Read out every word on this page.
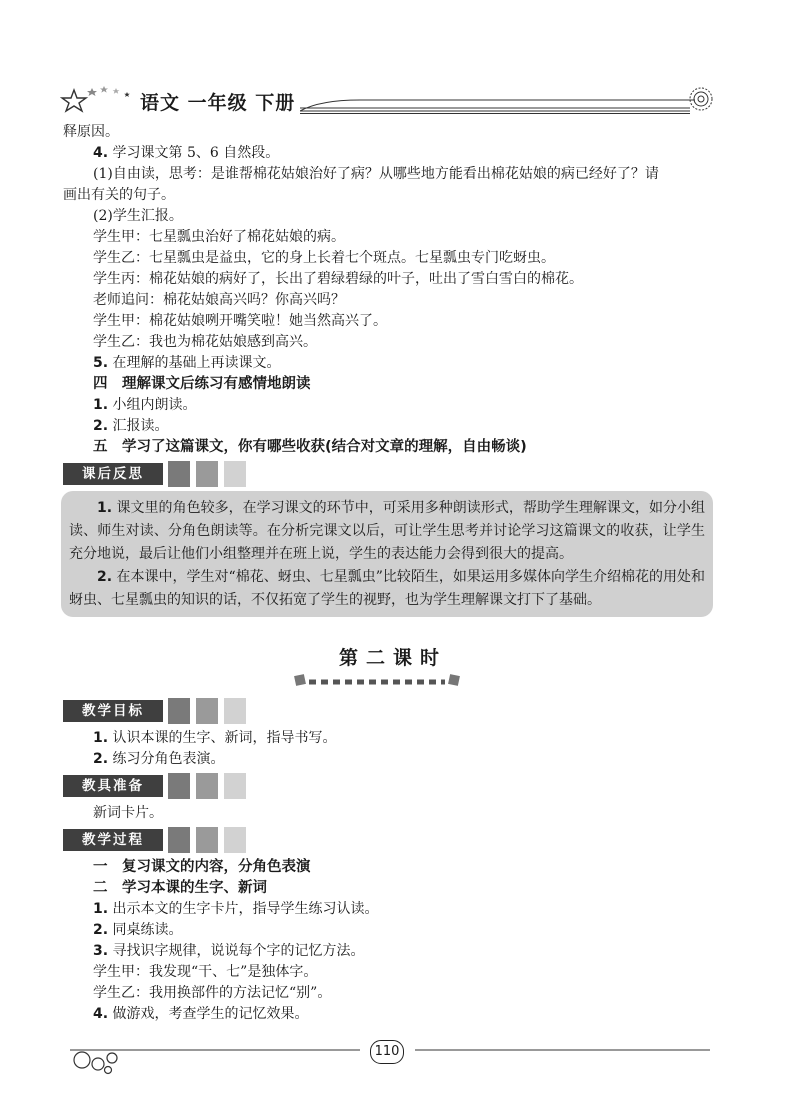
语文 一年级 下册
释原因。
4. 学习课文第 5、6 自然段。
(1)自由读，思考：是谁帮棉花姑娘治好了病？从哪些地方能看出棉花姑娘的病已经好了？请
画出有关的句子。
(2)学生汇报。
学生甲：七星瓢虫治好了棉花姑娘的病。
学生乙：七星瓢虫是益虫，它的身上长着七个斑点。七星瓢虫专门吃蚜虫。
学生丙：棉花姑娘的病好了，长出了碧绿碧绿的叶子，吐出了雪白雪白的棉花。
老师追问：棉花姑娘高兴吗？你高兴吗？
学生甲：棉花姑娘咧开嘴笑啦！她当然高兴了。
学生乙：我也为棉花姑娘感到高兴。
5. 在理解的基础上再读课文。
四　理解课文后练习有感情地朗读
1. 小组内朗读。
2. 汇报读。
五　学习了这篇课文，你有哪些收获(结合对文章的理解，自由畅谈)
课后反思
1. 课文里的角色较多，在学习课文的环节中，可采用多种朗读形式，帮助学生理解课文，如分小组读、师生对读、分角色朗读等。在分析完课文以后，可让学生思考并讨论学习这篇课文的收获，让学生充分地说，最后让他们小组整理并在班上说，学生的表达能力会得到很大的提高。
2. 在本课中，学生对“棉花、蚜虫、七星瓢虫”比较陌生，如果运用多媒体向学生介绍棉花的用处和蚜虫、七星瓢虫的知识的话，不仅拓宽了学生的视野，也为学生理解课文打下了基础。
第二课时
教学目标
1. 认识本课的生字、新词，指导书写。
2. 练习分角色表演。
教具准备
新词卡片。
教学过程
一　复习课文的内容，分角色表演
二　学习本课的生字、新词
1. 出示本文的生字卡片，指导学生练习认读。
2. 同桌练读。
3. 寻找识字规律，说说每个字的记忆方法。
学生甲：我发现“干、七”是独体字。
学生乙：我用换部件的方法记忆“别”。
4. 做游戏，考查学生的记忆效果。
110
